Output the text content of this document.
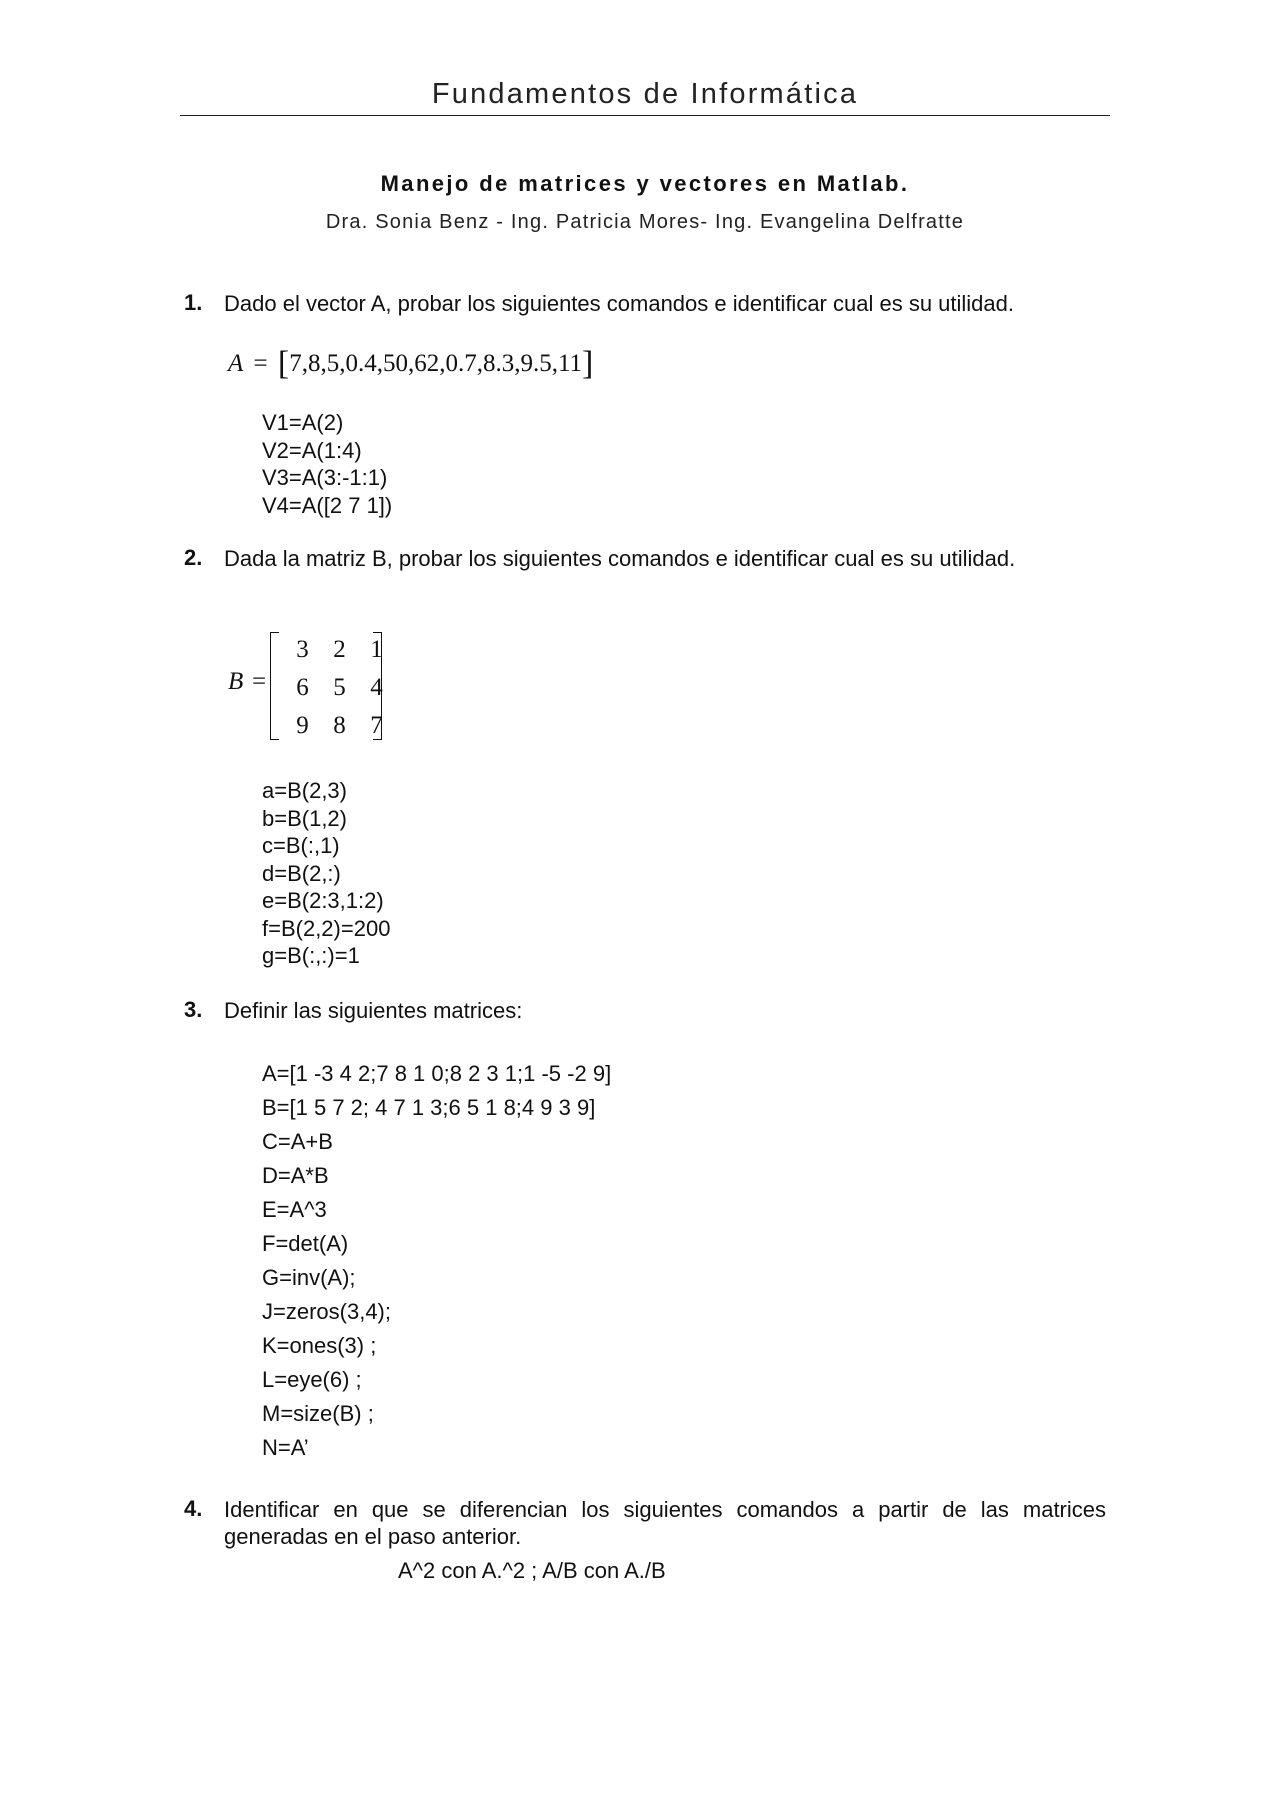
Fundamentos de Informática
Manejo de matrices y vectores en Matlab.
Dra. Sonia Benz - Ing. Patricia Mores- Ing. Evangelina Delfratte
1. Dado el vector A, probar los siguientes comandos e identificar cual es su utilidad.
A = [7,8,5,0.4,50,62,0.7,8.3,9.5,11]
V1=A(2)
V2=A(1:4)
V3=A(3:-1:1)
V4=A([2 7 1])
2. Dada la matriz B, probar los siguientes comandos e identificar cual es su utilidad.
B =
3 2 1
6 5 4
9 8 7
a=B(2,3)
b=B(1,2)
c=B(:,1)
d=B(2,:)
e=B(2:3,1:2)
f=B(2,2)=200
g=B(:,:)=1
3. Definir las siguientes matrices:
A=[1 -3 4 2;7 8 1 0;8 2 3 1;1 -5 -2 9]
B=[1 5 7 2; 4 7 1 3;6 5 1 8;4 9 3 9]
C=A+B
D=A*B
E=A^3
F=det(A)
G=inv(A);
J=zeros(3,4);
K=ones(3) ;
L=eye(6) ;
M=size(B) ;
N=A’
4. Identificar en que se diferencian los siguientes comandos a partir de las matrices
generadas en el paso anterior.
A^2 con A.^2 ; A/B con A./B
